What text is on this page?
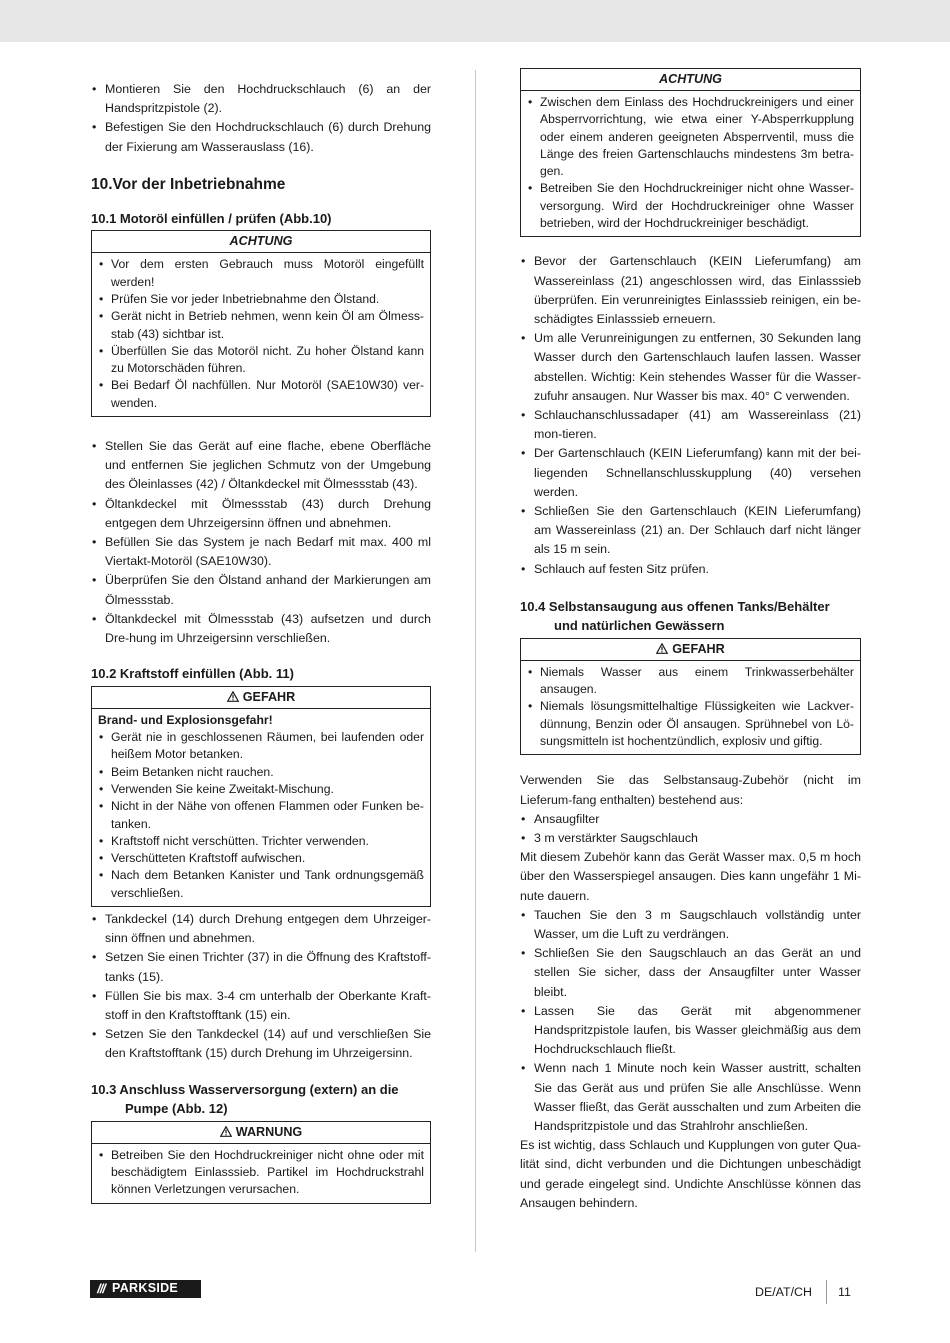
• Montieren Sie den Hochdruckschlauch (6) an der Handspritzpistole (2).
• Befestigen Sie den Hochdruckschlauch (6) durch Drehung der Fixierung am Wasserauslass (16).
10.Vor der Inbetriebnahme
10.1 Motoröl einfüllen / prüfen (Abb.10)
ACHTUNG
• Vor dem ersten Gebrauch muss Motoröl eingefüllt werden!
• Prüfen Sie vor jeder Inbetriebnahme den Ölstand.
• Gerät nicht in Betrieb nehmen, wenn kein Öl am Ölmess-stab (43) sichtbar ist.
• Überfüllen Sie das Motoröl nicht. Zu hoher Ölstand kann zu Motorschäden führen.
• Bei Bedarf Öl nachfüllen. Nur Motoröl (SAE10W30) ver-wenden.
• Stellen Sie das Gerät auf eine flache, ebene Oberfläche und entfernen Sie jeglichen Schmutz von der Umgebung des Öleinlasses (42) / Öltankdeckel mit Ölmessstab (43).
• Öltankdeckel mit Ölmessstab (43) durch Drehung entgegen dem Uhrzeigersinn öffnen und abnehmen.
• Befüllen Sie das System je nach Bedarf mit max. 400 ml Viertakt-Motoröl (SAE10W30).
• Überprüfen Sie den Ölstand anhand der Markierungen am Ölmessstab.
• Öltankdeckel mit Ölmessstab (43) aufsetzen und durch Dre-hung im Uhrzeigersinn verschließen.
10.2 Kraftstoff einfüllen (Abb. 11)
GEFAHR
Brand- und Explosionsgefahr!
• Gerät nie in geschlossenen Räumen, bei laufenden oder heißem Motor betanken.
• Beim Betanken nicht rauchen.
• Verwenden Sie keine Zweitakt-Mischung.
• Nicht in der Nähe von offenen Flammen oder Funken be-tanken.
• Kraftstoff nicht verschütten. Trichter verwenden.
• Verschütteten Kraftstoff aufwischen.
• Nach dem Betanken Kanister und Tank ordnungsgemäß verschließen.
• Tankdeckel (14) durch Drehung entgegen dem Uhrzeiger-sinn öffnen und abnehmen.
• Setzen Sie einen Trichter (37) in die Öffnung des Kraftstoff-tanks (15).
• Füllen Sie bis max. 3-4 cm unterhalb der Oberkante Kraft-stoff in den Kraftstofftank (15) ein.
• Setzen Sie den Tankdeckel (14) auf und verschließen Sie den Kraftstofftank (15) durch Drehung im Uhrzeigersinn.
10.3 Anschluss Wasserversorgung (extern) an die
Pumpe (Abb. 12)
WARNUNG
• Betreiben Sie den Hochdruckreiniger nicht ohne oder mit beschädigtem Einlasssieb. Partikel im Hochdruckstrahl können Verletzungen verursachen.
ACHTUNG
• Zwischen dem Einlass des Hochdruckreinigers und einer Absperrvorrichtung, wie etwa einer Y-Absperrkupplung oder einem anderen geeigneten Absperrventil, muss die Länge des freien Gartenschlauchs mindestens 3m betra-gen.
• Betreiben Sie den Hochdruckreiniger nicht ohne Wasser-versorgung. Wird der Hochdruckreiniger ohne Wasser betrieben, wird der Hochdruckreiniger beschädigt.
• Bevor der Gartenschlauch (KEIN Lieferumfang) am Wassereinlass (21) angeschlossen wird, das Einlasssieb überprüfen. Ein verunreinigtes Einlasssieb reinigen, ein be-schädigtes Einlasssieb erneuern.
• Um alle Verunreinigungen zu entfernen, 30 Sekunden lang Wasser durch den Gartenschlauch laufen lassen. Wasser abstellen. Wichtig: Kein stehendes Wasser für die Wasser-zufuhr ansaugen. Nur Wasser bis max. 40° C verwenden.
• Schlauchanschlussadaper (41) am Wassereinlass (21) mon-tieren.
• Der Gartenschlauch (KEIN Lieferumfang) kann mit der bei-liegenden Schnellanschlusskupplung (40) versehen werden.
• Schließen Sie den Gartenschlauch (KEIN Lieferumfang) am Wassereinlass (21) an. Der Schlauch darf nicht länger als 15 m sein.
• Schlauch auf festen Sitz prüfen.
10.4 Selbstansaugung aus offenen Tanks/Behälter
und natürlichen Gewässern
GEFAHR
• Niemals Wasser aus einem Trinkwasserbehälter ansaugen.
• Niemals lösungsmittelhaltige Flüssigkeiten wie Lackver-dünnung, Benzin oder Öl ansaugen. Sprühnebel von Lö-sungsmitteln ist hochentzündlich, explosiv und giftig.
Verwenden Sie das Selbstansaug-Zubehör (nicht im Lieferum-fang enthalten) bestehend aus:
• Ansaugfilter
• 3 m verstärkter Saugschlauch
Mit diesem Zubehör kann das Gerät Wasser max. 0,5 m hoch über den Wasserspiegel ansaugen. Dies kann ungefähr 1 Mi-nute dauern.
• Tauchen Sie den 3 m Saugschlauch vollständig unter Wasser, um die Luft zu verdrängen.
• Schließen Sie den Saugschlauch an das Gerät an und stellen Sie sicher, dass der Ansaugfilter unter Wasser bleibt.
• Lassen Sie das Gerät mit abgenommener Handspritzpistole laufen, bis Wasser gleichmäßig aus dem Hochdruckschlauch fließt.
• Wenn nach 1 Minute noch kein Wasser austritt, schalten Sie das Gerät aus und prüfen Sie alle Anschlüsse. Wenn Wasser fließt, das Gerät ausschalten und zum Arbeiten die Handspritzpistole und das Strahlrohr anschließen.
Es ist wichtig, dass Schlauch und Kupplungen von guter Qua-lität sind, dicht verbunden und die Dichtungen unbeschädigt und gerade eingelegt sind. Undichte Anschlüsse können das Ansaugen behindern.
/// PARKSIDE	DE/AT/CH 11
